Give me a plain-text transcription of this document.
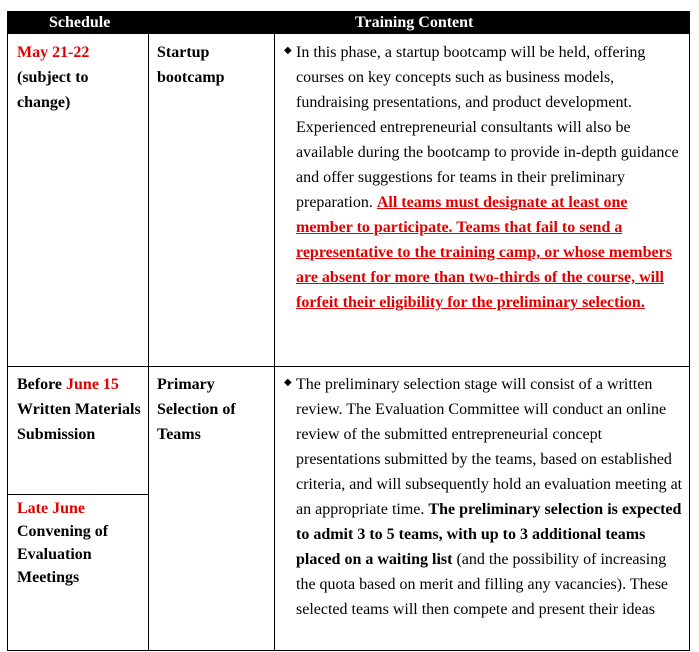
Schedule	Training Content
May 21-22
(subject to change)
Startup bootcamp
◆ In this phase, a startup bootcamp will be held, offering courses on key concepts such as business models, fundraising presentations, and product development. Experienced entrepreneurial consultants will also be available during the bootcamp to provide in-depth guidance and offer suggestions for teams in their preliminary preparation. All teams must designate at least one member to participate. Teams that fail to send a representative to the training camp, or whose members are absent for more than two-thirds of the course, will forfeit their eligibility for the preliminary selection.
Before June 15
Written Materials Submission
Late June
Convening of Evaluation Meetings
Primary Selection of Teams
◆ The preliminary selection stage will consist of a written review. The Evaluation Committee will conduct an online review of the submitted entrepreneurial concept presentations submitted by the teams, based on established criteria, and will subsequently hold an evaluation meeting at an appropriate time. The preliminary selection is expected to admit 3 to 5 teams, with up to 3 additional teams placed on a waiting list (and the possibility of increasing the quota based on merit and filling any vacancies). These selected teams will then compete and present their ideas
